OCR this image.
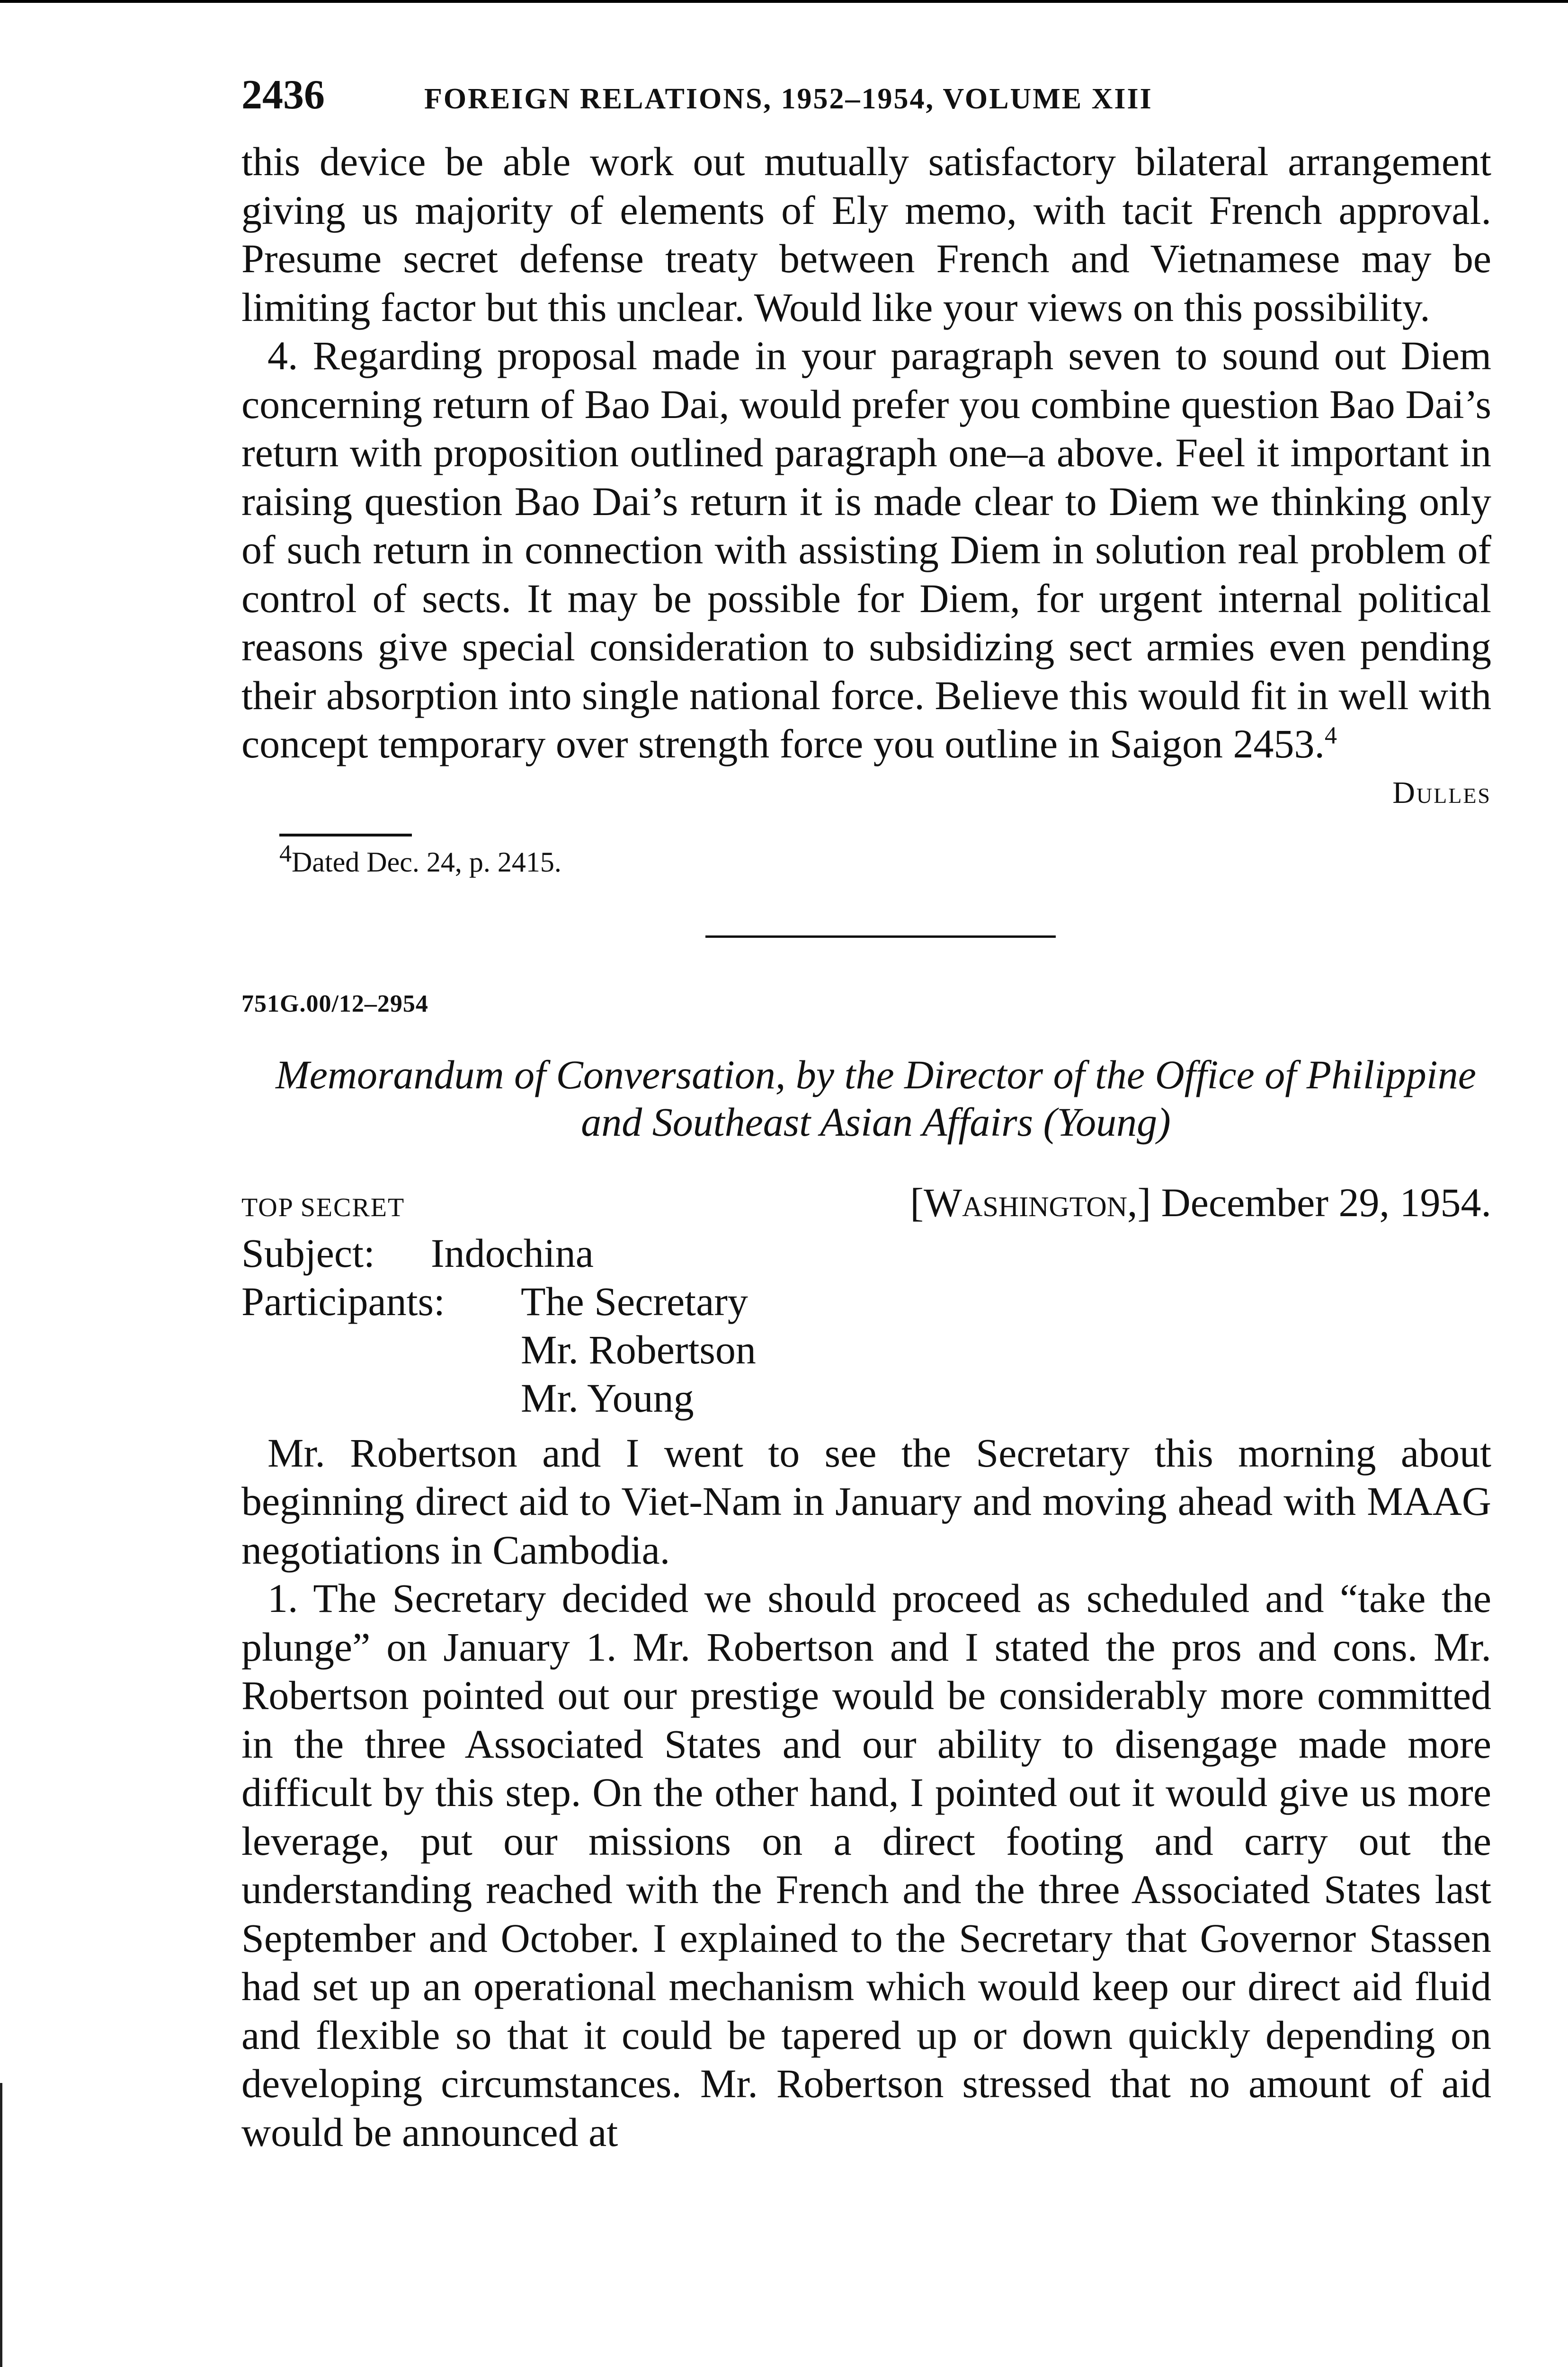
2436	FOREIGN RELATIONS, 1952–1954, VOLUME XIII

this device be able work out mutually satisfactory bilateral arrangement giving us majority of elements of Ely memo, with tacit French approval. Presume secret defense treaty between French and Vietnamese may be limiting factor but this unclear. Would like your views on this possibility.

4. Regarding proposal made in your paragraph seven to sound out Diem concerning return of Bao Dai, would prefer you combine question Bao Dai’s return with proposition outlined paragraph one–a above. Feel it important in raising question Bao Dai’s return it is made clear to Diem we thinking only of such return in connection with assisting Diem in solution real problem of control of sects. It may be possible for Diem, for urgent internal political reasons give special consideration to subsidizing sect armies even pending their absorption into single national force. Believe this would fit in well with concept temporary over strength force you outline in Saigon 2453.$^4$

Dulles
$^4$Dated Dec. 24, p. 2415.
751G.00/12–2954
Memorandum of Conversation, by the Director of the Office of Philippine and Southeast Asian Affairs (Young)
TOP SECRET	[Washington,] December 29, 1954.
Subject:	Indochina
Participants:	The Secretary
Mr. Robertson
Mr. Young

Mr. Robertson and I went to see the Secretary this morning about beginning direct aid to Viet-Nam in January and moving ahead with MAAG negotiations in Cambodia.

1. The Secretary decided we should proceed as scheduled and “take the plunge” on January 1. Mr. Robertson and I stated the pros and cons. Mr. Robertson pointed out our prestige would be considerably more committed in the three Associated States and our ability to disengage made more difficult by this step. On the other hand, I pointed out it would give us more leverage, put our missions on a direct footing and carry out the understanding reached with the French and the three Associated States last September and October. I explained to the Secretary that Governor Stassen had set up an operational mechanism which would keep our direct aid fluid and flexible so that it could be tapered up or down quickly depending on developing circumstances. Mr. Robertson stressed that no amount of aid would be announced at
